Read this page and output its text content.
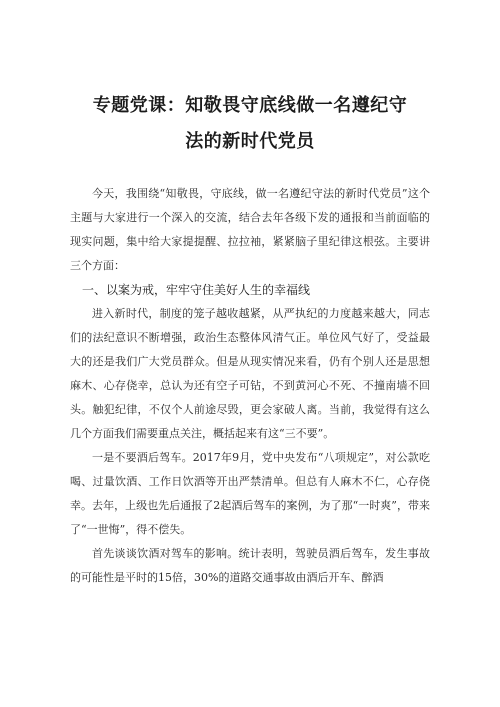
专题党课：知敬畏守底线做一名遵纪守
法的新时代党员

今天，我围绕“知敬畏，守底线，做一名遵纪守法的新时代党员”这个主题与大家进行一个深入的交流，结合去年各级下发的通报和当前面临的现实问题，集中给大家提提醒、拉拉袖，紧紧脑子里纪律这根弦。主要讲三个方面：

一、以案为戒，牢牢守住美好人生的幸福线

进入新时代，制度的笼子越收越紧，从严执纪的力度越来越大，同志们的法纪意识不断增强，政治生态整体风清气正。单位风气好了，受益最大的还是我们广大党员群众。但是从现实情况来看，仍有个别人还是思想麻木、心存侥幸，总认为还有空子可钻，不到黄河心不死、不撞南墙不回头。触犯纪律，不仅个人前途尽毁，更会家破人离。当前，我觉得有这么几个方面我们需要重点关注，概括起来有这“三不要”。

一是不要酒后驾车。2017年9月，党中央发布“八项规定”，对公款吃喝、过量饮酒、工作日饮酒等开出严禁清单。但总有人麻木不仁，心存侥幸。去年，上级也先后通报了2起酒后驾车的案例，为了那“一时爽”，带来了“一世悔”，得不偿失。

首先谈谈饮酒对驾车的影响。统计表明，驾驶员酒后驾车，发生事故的可能性是平时的15倍，30%的道路交通事故由酒后开车、醉酒
